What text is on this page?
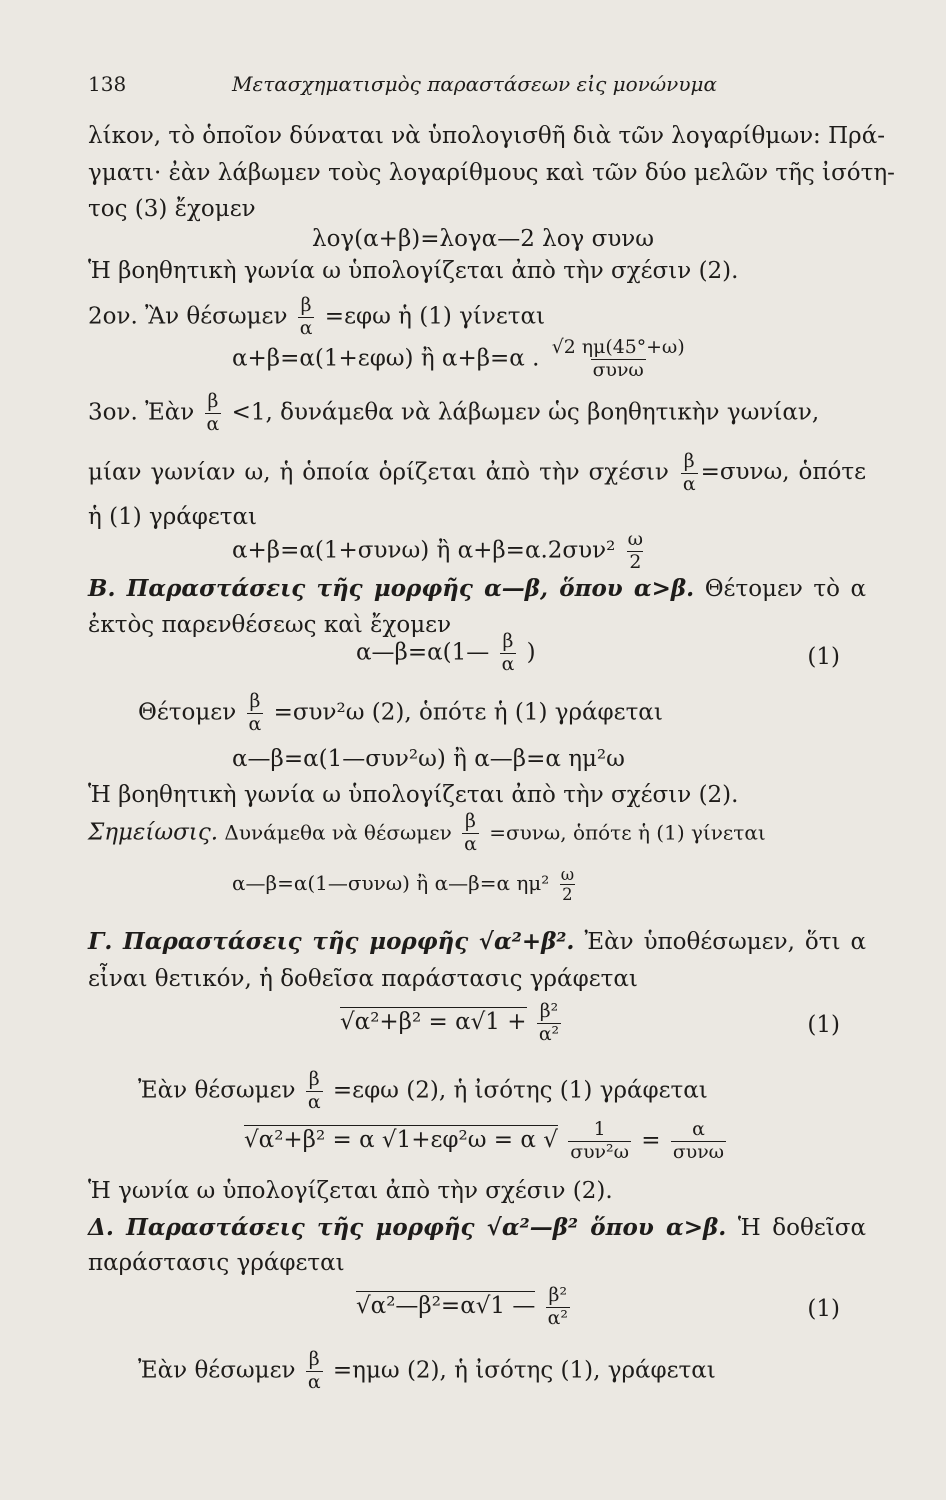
138	Μετασχηματισμὸς παραστάσεων εἰς μονώνυμα
λίκον, τὸ ὁποῖον δύναται νὰ ὑπολογισθῆ διὰ τῶν λογαρίθμων: Πρά-
γματι· ἐὰν λάβωμεν τοὺς λογαρίθμους καὶ τῶν δύο μελῶν τῆς ἰσότη-
τος (3) ἔχομεν
λογ(α+β)=λογα—2 λογ συνω
Ἡ βοηθητικὴ γωνία ω ὑπολογίζεται ἀπὸ τὴν σχέσιν (2).
2ον. Ἂν θέσωμεν $\frac{\beta}{\alpha} =\varepsilon\varphi\omega$ ἡ (1) γίνεται
α+β=α(1+εφω) ἢ α+β=α . $\frac{√2 \eta\mu(45^\circ+\omega)}{\text{συνω}}$
3ον. Ἐὰν $\frac{\beta}{\alpha} <1$, δυνάμεθα νὰ λάβωμεν ὡς βοηθητικὴν γωνίαν,
μίαν γωνίαν ω, ἡ ὁποία ὁρίζεται ἀπὸ τὴν σχέσιν $\frac{\beta}{\alpha} =\sigma\upsilon\nu\omega$, ὁπότε
ἡ (1) γράφεται
α+β=α(1+συνω) ἢ $\alpha+\beta=\alpha.2\sigma\upsilon\nu^2 \frac{\omega}{2}$
Β. Παραστάσεις τῆς μορφῆς α—β, ὅπου α>β. Θέτομεν τὸ α
ἐκτὸς παρενθέσεως καὶ ἔχομεν
α—β=α(1— $\frac{\beta}{\alpha}$ )	(1)
Θέτομεν $\frac{\beta}{\alpha} =\sigma\upsilon\nu^2\omega$ (2), ὁπότε ἡ (1) γράφεται
α—β=α(1—συν²ω) ἢ α—β=α ημ²ω
Ἡ βοηθητικὴ γωνία ω ὑπολογίζεται ἀπὸ τὴν σχέσιν (2).
Σημείωσις. Δυνάμεθα νὰ θέσωμεν $\frac{\beta}{\alpha} =\sigma\upsilon\nu\omega$, ὁπότε ἡ (1) γίνεται
α—β=α(1—συνω) ἢ α—β=α $\eta\mu^2 \frac{\omega}{2}$
Γ. Παραστάσεις τῆς μορφῆς √α²+β². Ἐὰν ὑποθέσωμεν, ὅτι α
εἶναι θετικόν, ἡ δοθεῖσα παράστασις γράφεται
$√\alpha^2+\beta^2 = \alpha√1 + \frac{\text{β²}}{\text{α²}}$	(1)
Ἐὰν θέσωμεν $\frac{\beta}{\alpha} =\varepsilon\varphi\omega$ (2), ἡ ἰσότης (1) γράφεται
√α²+β² = α √1+εφ²ω = α √ $\frac{1}{\text{συν²ω}} = \frac{\alpha}{\text{συνω}}$
Ἡ γωνία ω ὑπολογίζεται ἀπὸ τὴν σχέσιν (2).
Δ. Παραστάσεις τῆς μορφῆς √α²—β² ὅπου α>β. Ἡ δοθεῖσα
παράστασις γράφεται
√α²—β²=α√1 — $\frac{\text{β²}}{\text{α²}}$	(1)
Ἐὰν θέσωμεν $\frac{\beta}{\alpha} =\eta\mu\omega$ (2), ἡ ἰσότης (1), γράφεται
